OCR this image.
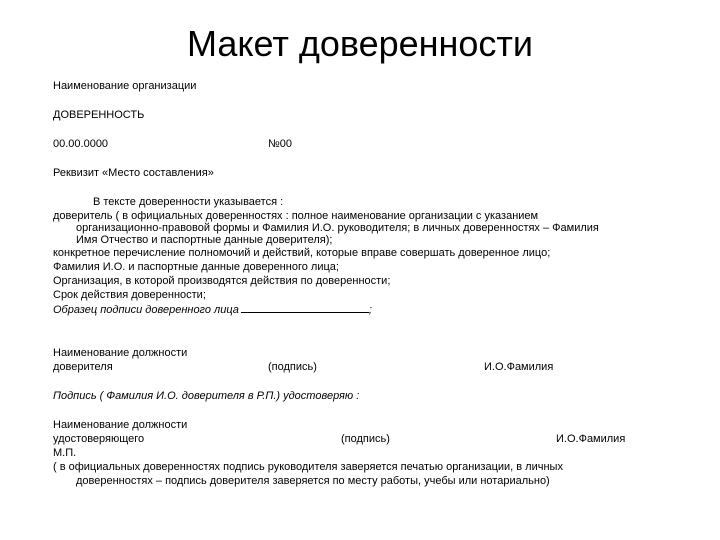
Макет доверенности
Наименование организации
ДОВЕРЕННОСТЬ
00.00.0000	№00
Реквизит «Место составления»
В тексте доверенности указывается :
доверитель ( в официальных доверенностях : полное наименование организации с указанием
организационно-правовой формы и Фамилия И.О. руководителя; в личных доверенностях – Фамилия
Имя Отчество и паспортные данные доверителя);
конкретное перечисление полномочий и действий, которые вправе совершать доверенное лицо;
Фамилия И.О. и паспортные данные доверенного лица;
Организация, в которой производятся действия по доверенности;
Срок действия доверенности;
Образец подписи доверенного лица	;
Наименование должности
доверителя	(подпись)	И.О.Фамилия
Подпись ( Фамилия И.О. доверителя в Р.П.) удостоверяю :
Наименование должности
удостоверяющего	(подпись)	И.О.Фамилия
М.П.
( в официальных доверенностях подпись руководителя заверяется печатью организации, в личных
доверенностях – подпись доверителя заверяется по месту работы, учебы или нотариально)
